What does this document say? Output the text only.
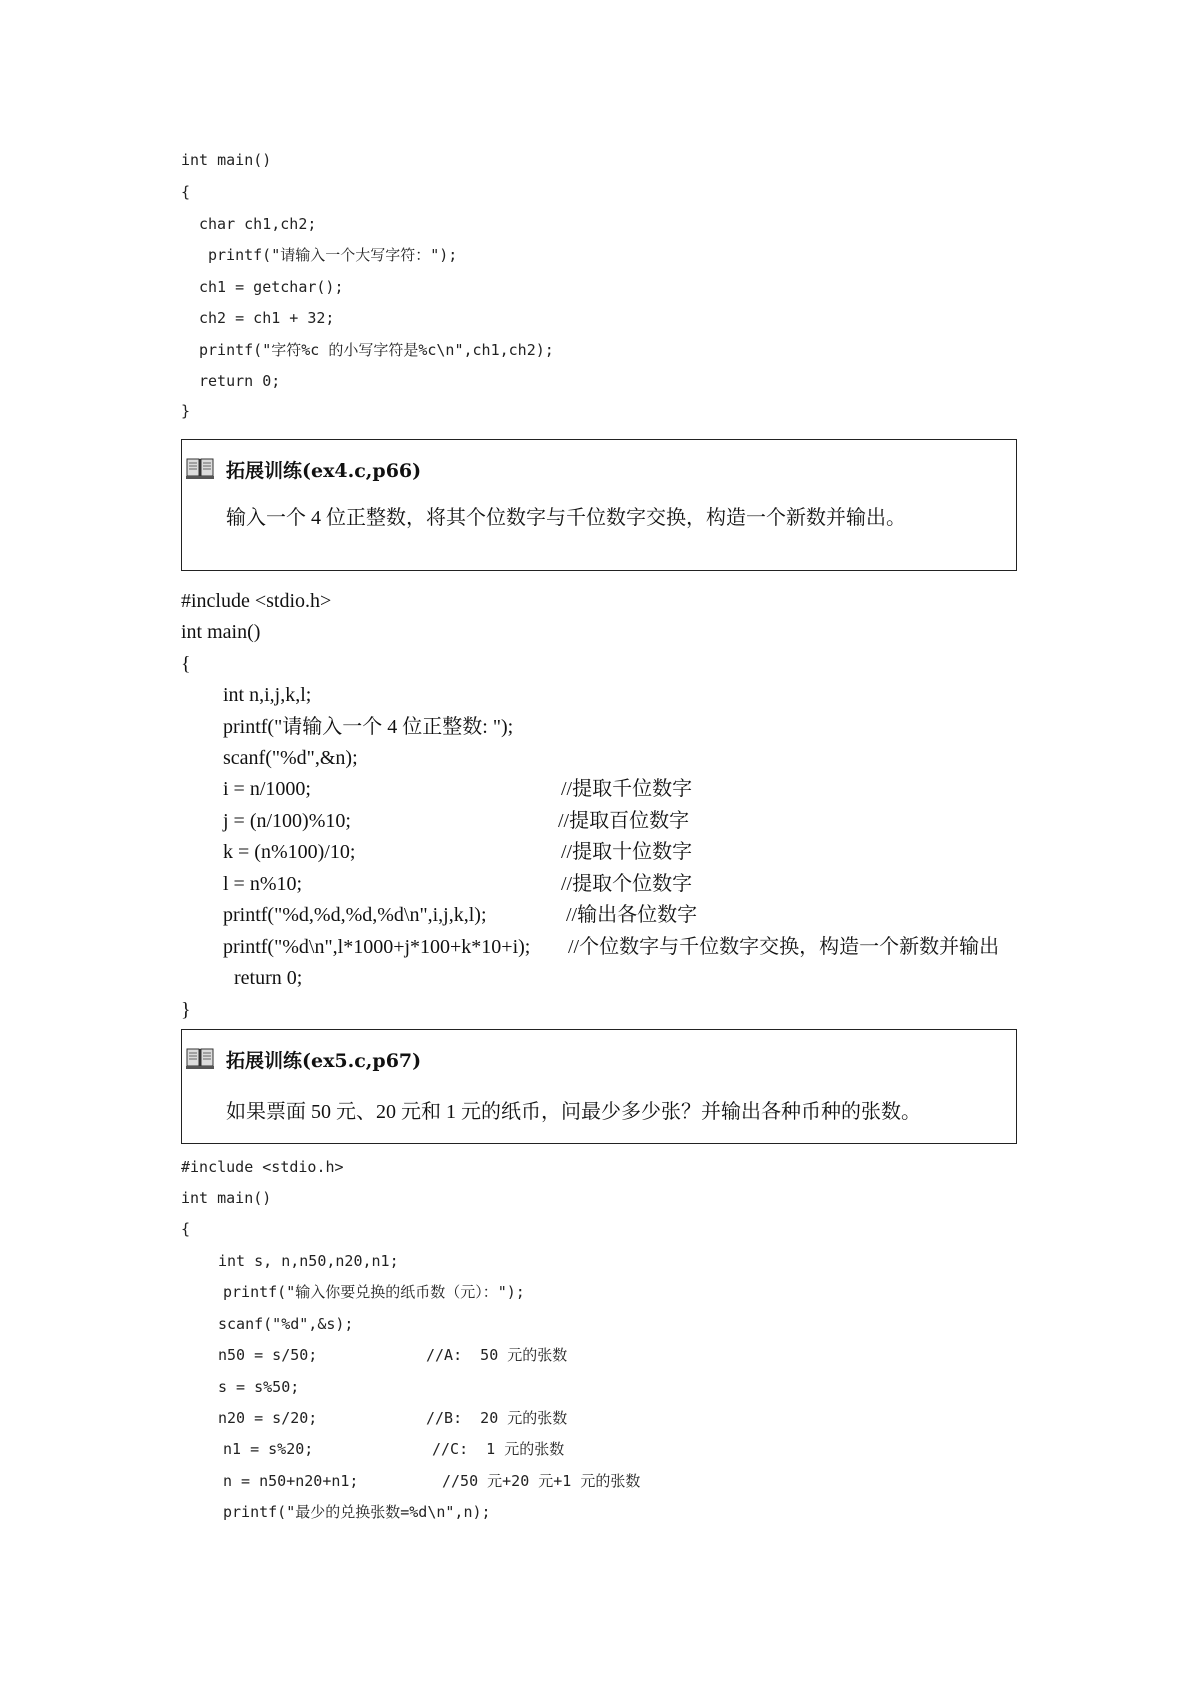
int main()
{
char ch1,ch2;
printf("请输入一个大写字符：");
ch1 = getchar();
ch2 = ch1 + 32;
printf("字符%c 的小写字符是%c\n",ch1,ch2);
return 0;
}
拓展训练(ex4.c,p66)
输入一个 4 位正整数，将其个位数字与千位数字交换，构造一个新数并输出。
#include <stdio.h>
int main()
{
int n,i,j,k,l;
printf("请输入一个 4 位正整数: ");
scanf("%d",&n);
i = n/1000;	//提取千位数字
j = (n/100)%10;	//提取百位数字
k = (n%100)/10;	//提取十位数字
l = n%10;	//提取个位数字
printf("%d,%d,%d,%d\n",i,j,k,l);	//输出各位数字
printf("%d\n",l*1000+j*100+k*10+i); //个位数字与千位数字交换，构造一个新数并输出
return 0;
}
拓展训练(ex5.c,p67)
如果票面 50 元、20 元和 1 元的纸币，问最少多少张？并输出各种币种的张数。
#include <stdio.h>
int main()
{
int s, n,n50,n20,n1;
printf("输入你要兑换的纸币数（元）：");
scanf("%d",&s);
n50 = s/50;	//A:  50 元的张数
s = s%50;
n20 = s/20;	//B:  20 元的张数
n1 = s%20;	//C:  1 元的张数
n = n50+n20+n1;	//50 元+20 元+1 元的张数
printf("最少的兑换张数=%d\n",n);
